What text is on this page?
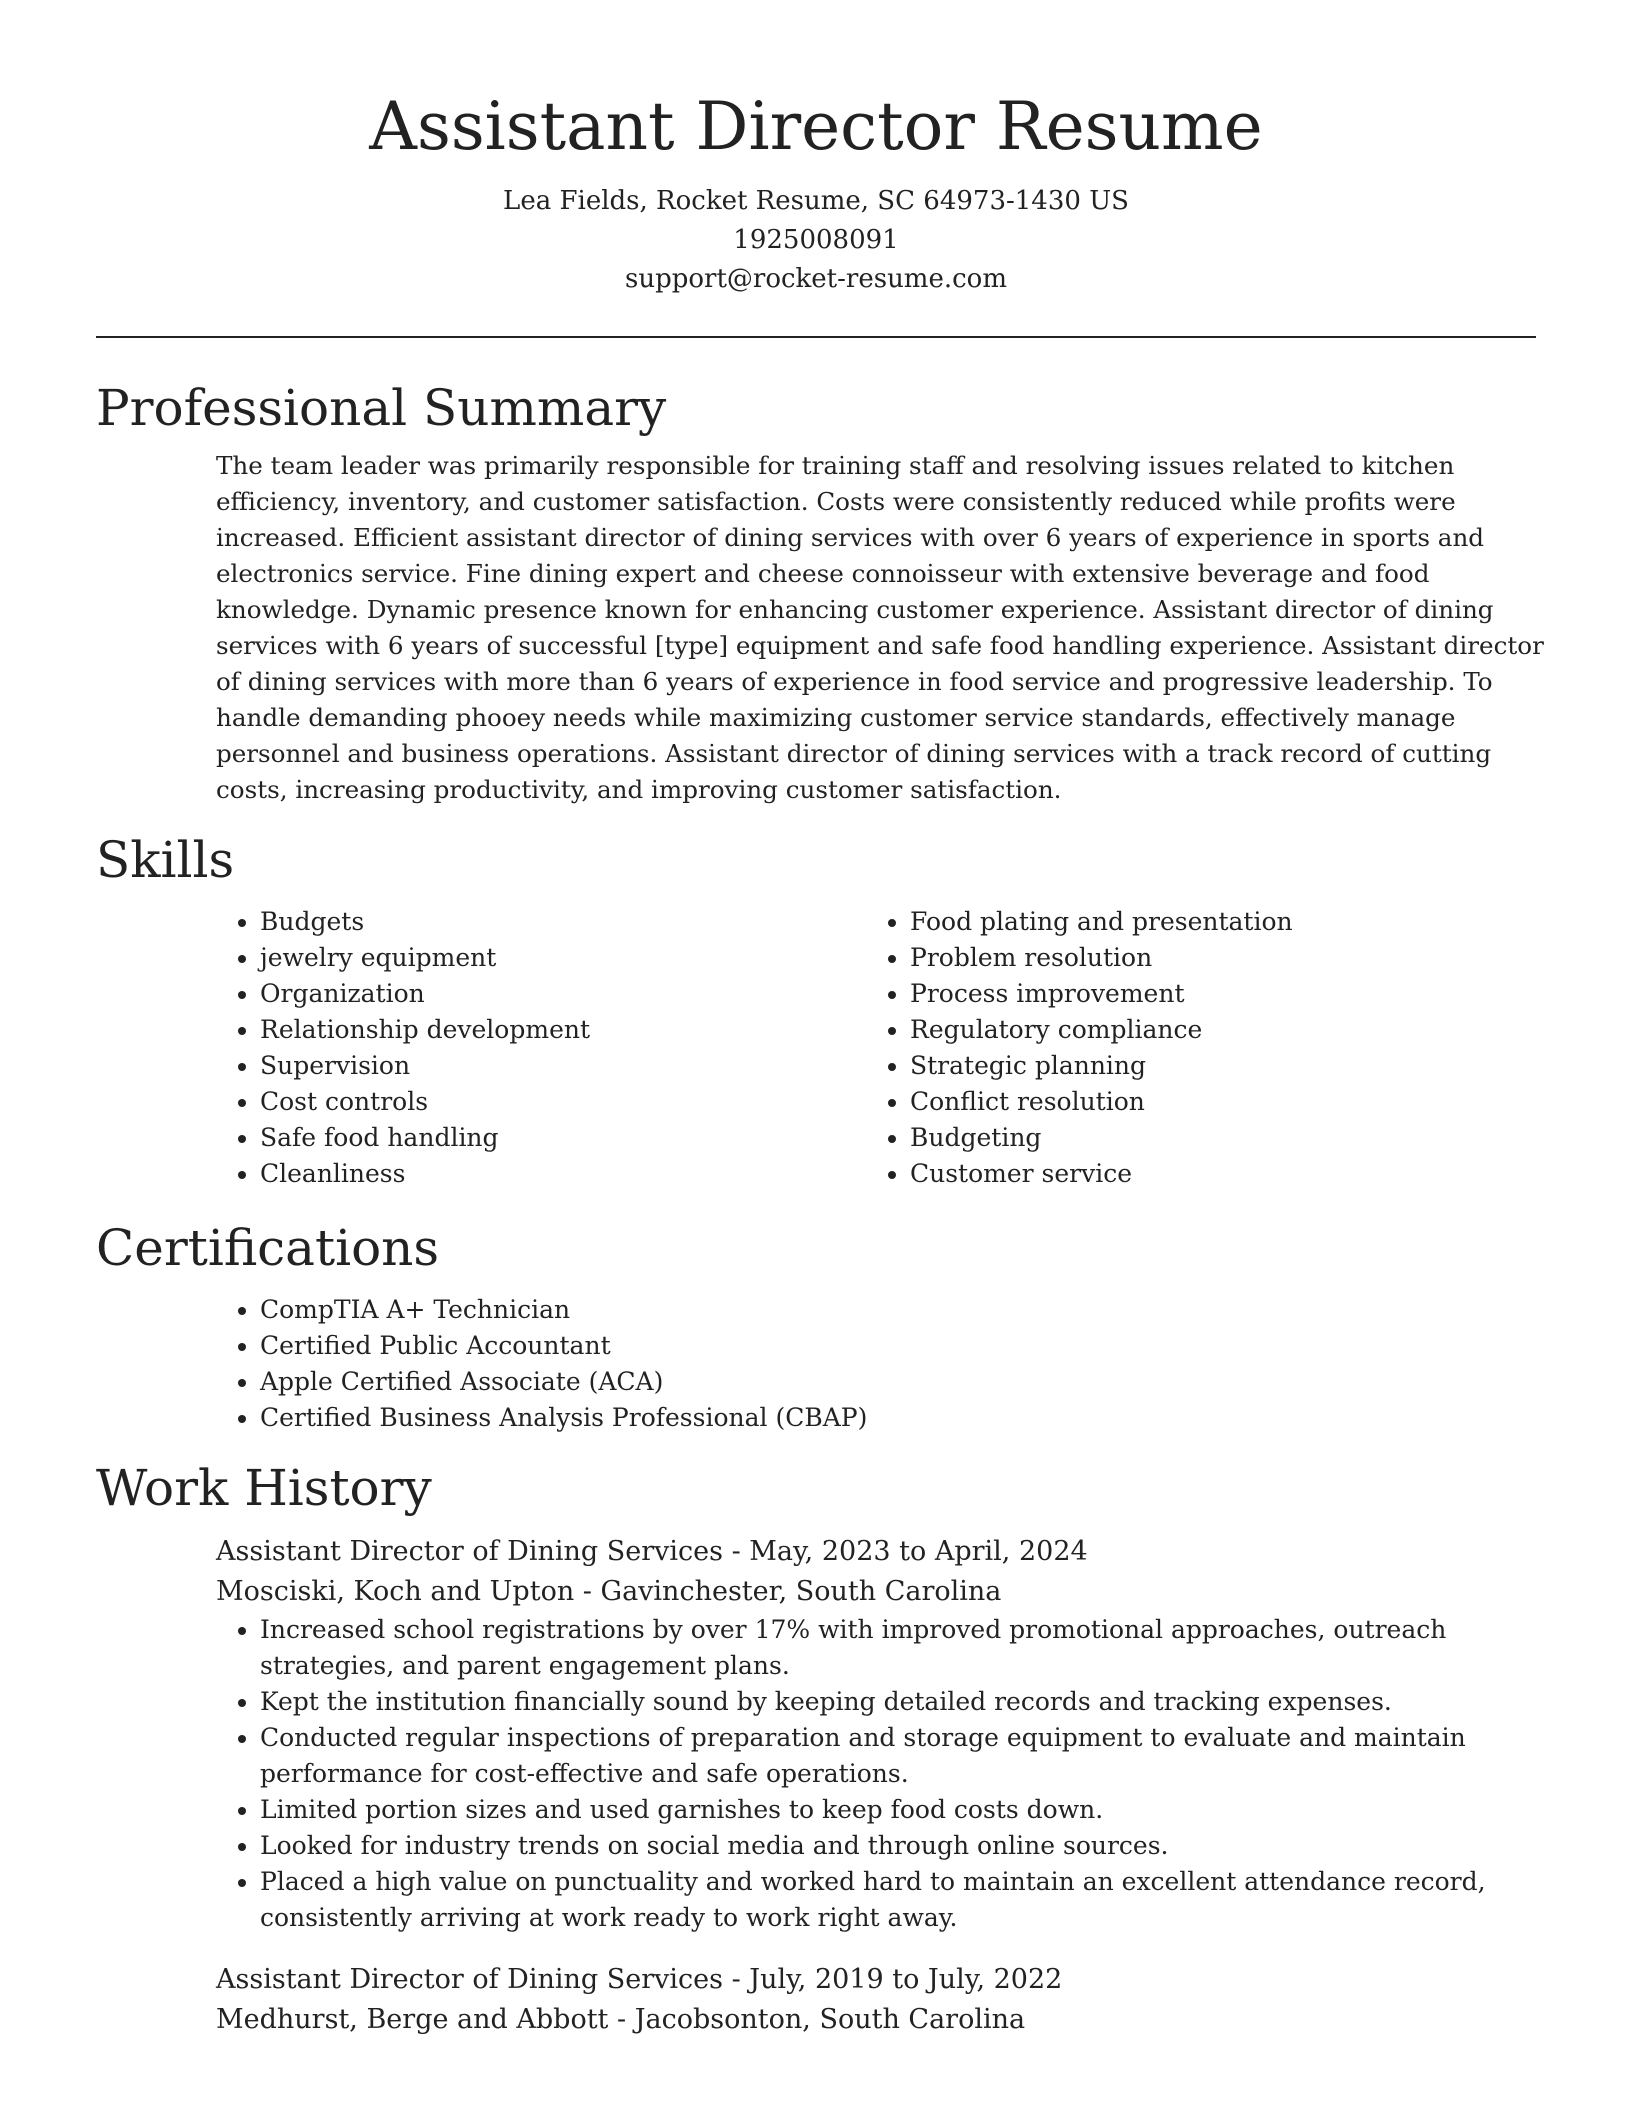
Assistant Director Resume
Lea Fields, Rocket Resume, SC 64973-1430 US
1925008091
support@rocket-resume.com
Professional Summary

The team leader was primarily responsible for training staff and resolving issues related to kitchen efficiency, inventory, and customer satisfaction. Costs were consistently reduced while profits were increased. Efficient assistant director of dining services with over 6 years of experience in sports and electronics service. Fine dining expert and cheese connoisseur with extensive beverage and food knowledge. Dynamic presence known for enhancing customer experience. Assistant director of dining services with 6 years of successful [type] equipment and safe food handling experience. Assistant director of dining services with more than 6 years of experience in food service and progressive leadership. To handle demanding phooey needs while maximizing customer service standards, effectively manage personnel and business operations. Assistant director of dining services with a track record of cutting costs, increasing productivity, and improving customer satisfaction.

Skills
• Budgets
• jewelry equipment
• Organization
• Relationship development
• Supervision
• Cost controls
• Safe food handling
• Cleanliness
• Food plating and presentation
• Problem resolution
• Process improvement
• Regulatory compliance
• Strategic planning
• Conflict resolution
• Budgeting
• Customer service
Certifications
• CompTIA A+ Technician
• Certified Public Accountant
• Apple Certified Associate (ACA)
• Certified Business Analysis Professional (CBAP)
Work History
Assistant Director of Dining Services - May, 2023 to April, 2024
Mosciski, Koch and Upton - Gavinchester, South Carolina
• Increased school registrations by over 17% with improved promotional approaches, outreach strategies, and parent engagement plans.
• Kept the institution financially sound by keeping detailed records and tracking expenses.
• Conducted regular inspections of preparation and storage equipment to evaluate and maintain performance for cost-effective and safe operations.
• Limited portion sizes and used garnishes to keep food costs down.
• Looked for industry trends on social media and through online sources.
• Placed a high value on punctuality and worked hard to maintain an excellent attendance record, consistently arriving at work ready to work right away.
Assistant Director of Dining Services - July, 2019 to July, 2022
Medhurst, Berge and Abbott - Jacobsonton, South Carolina
